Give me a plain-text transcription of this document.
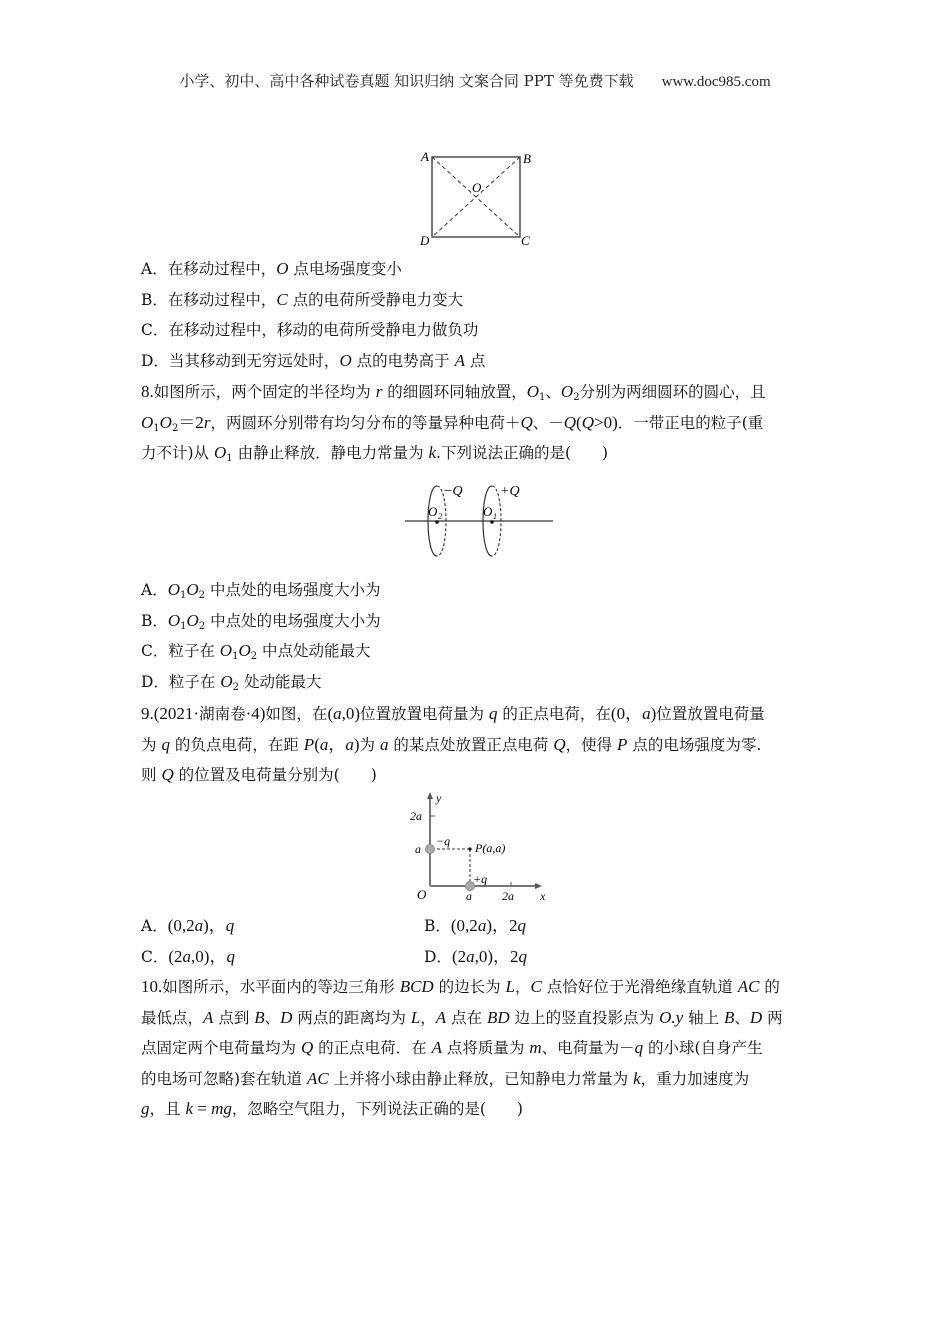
小学、初中、高中各种试卷真题 知识归纳 文案合同 PPT 等免费下载 www.doc985.com
A	B
C
D
O
A．在移动过程中，O 点电场强度变小
B．在移动过程中，C 点的电荷所受静电力变大
C．在移动过程中，移动的电荷所受静电力做负功
D．当其移动到无穷远处时，O 点的电势高于 A 点
8.如图所示，两个固定的半径均为 r 的细圆环同轴放置，$O_1$、$O_2$分别为两细圆环的圆心，且
$O_1O_2=2r$，两圆环分别带有均匀分布的等量异种电荷＋Q、－Q(Q>0)．一带正电的粒子(重
力不计)从 $O_1$ 由静止释放．静电力常量为 k.下列说法正确的是(　　)
−Q	+Q
O 2	O 1
A．$O_1O_2$ 中点处的电场强度大小为
B．$O_1O_2$ 中点处的电场强度大小为
C．粒子在 $O_1O_2$ 中点处动能最大
D．粒子在 $O_2$ 处动能最大
9.(2021·湖南卷·4)如图，在(a,0)位置放置电荷量为 q 的正点电荷，在(0，a)位置放置电荷量
为 q 的负点电荷，在距 P(a，a)为 a 的某点处放置正点电荷 Q，使得 P 点的电场强度为零.
则 Q 的位置及电荷量分别为(　　)
y
x
O
a
2a
a	2a
−q
+q
P(a,a)
A．(0,2a)，q	B．(0,2a)，2q
C．(2a,0)，q	D．(2a,0)，2q
10.如图所示，水平面内的等边三角形 BCD 的边长为 L，C 点恰好位于光滑绝缘直轨道 AC 的
最低点，A 点到 B、D 两点的距离均为 L，A 点在 BD 边上的竖直投影点为 O.y 轴上 B、D 两
点固定两个电荷量均为 Q 的正点电荷．在 A 点将质量为 m、电荷量为－q 的小球(自身产生
的电场可忽略)套在轨道 AC 上并将小球由静止释放，已知静电力常量为 k，重力加速度为
g，且 k = mg，忽略空气阻力，下列说法正确的是(　　)
